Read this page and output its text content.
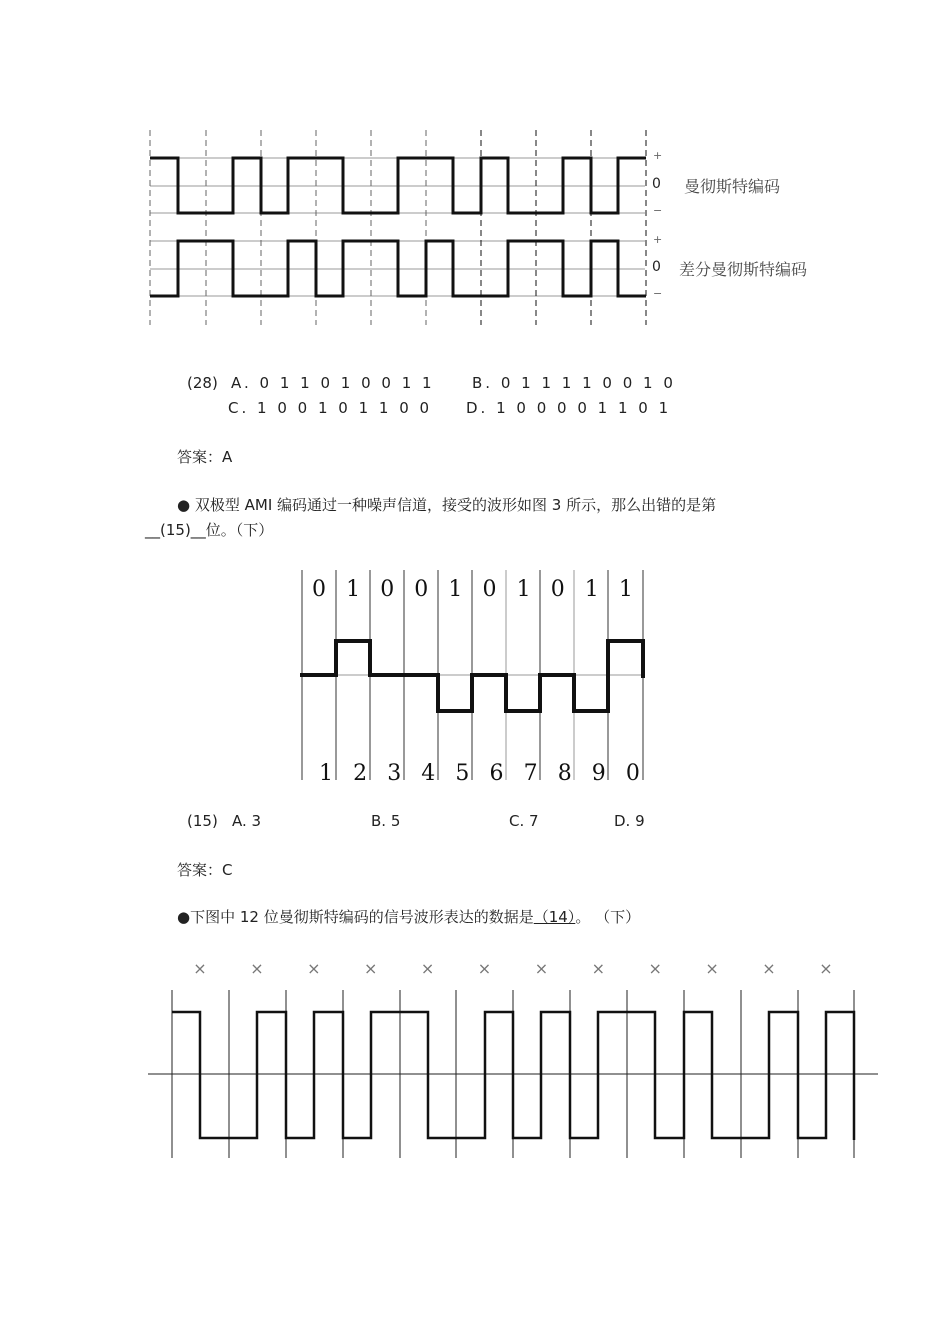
+
0
−
曼彻斯特编码
+
0
−
差分曼彻斯特编码
(28) A. 0 1 1 0 1 0 0 1 1 B. 0 1 1 1 1 0 0 1 0
C. 1 0 0 1 0 1 1 0 0 D. 1 0 0 0 0 1 1 0 1
答案：A
● 双极型 AMI 编码通过一种噪声信道，接受的波形如图 3 所示，那么出错的是第
__(15)__位。（下）
0 1 0 0 1 0 1 0 1 1
1 2 3 4 5 6 7 8 9 0
(15) A. 3	B. 5	C. 7	D. 9
答案：C
●下图中 12 位曼彻斯特编码的信号波形表达的数据是（14）。 （下）
×	×	×	×	×	×	×	×	×	×	×	×
